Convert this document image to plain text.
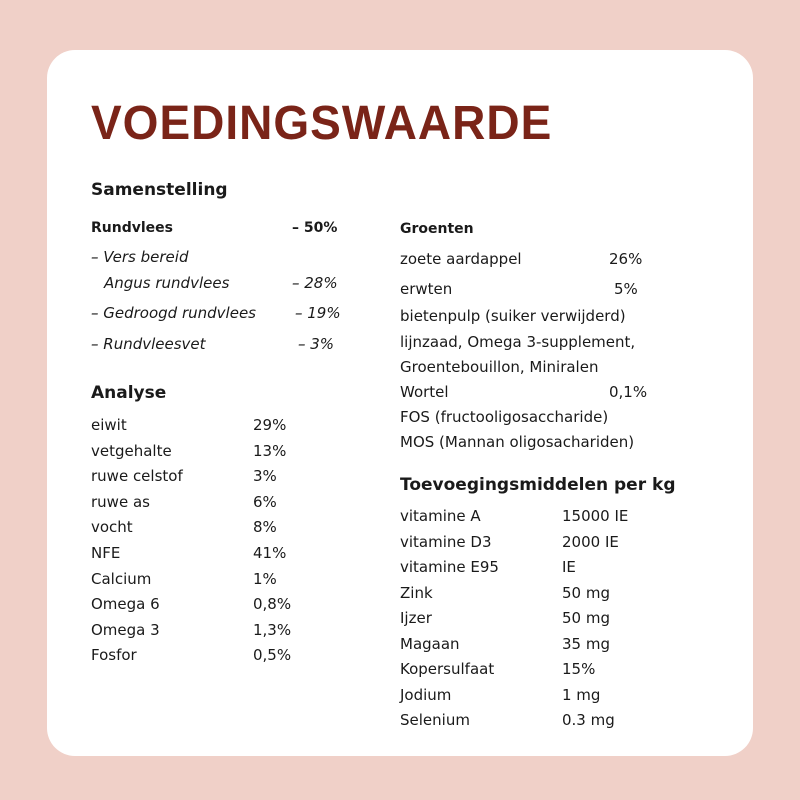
VOEDINGSWAARDE
Samenstelling
Rundvlees	– 50%
– Vers bereid
Angus rundvlees	– 28%
– Gedroogd rundvlees	– 19%
– Rundvleesvet	– 3%
Analyse
eiwit	29%
vetgehalte	13%
ruwe celstof	3%
ruwe as	6%
vocht	8%
NFE	41%
Calcium	1%
Omega 6	0,8%
Omega 3	1,3%
Fosfor	0,5%
Groenten
zoete aardappel	26%
erwten	5%
bietenpulp (suiker verwijderd)
lijnzaad, Omega 3-supplement,
Groentebouillon, Miniralen
Wortel	0,1%
FOS (fructooligosaccharide)
MOS (Mannan oligosachariden)
Toevoegingsmiddelen per kg
vitamine A	15000 IE
vitamine D3	2000 IE
vitamine E95	IE
Zink	50 mg
Ijzer	50 mg
Magaan	35 mg
Kopersulfaat	15%
Jodium	1 mg
Selenium	0.3 mg
